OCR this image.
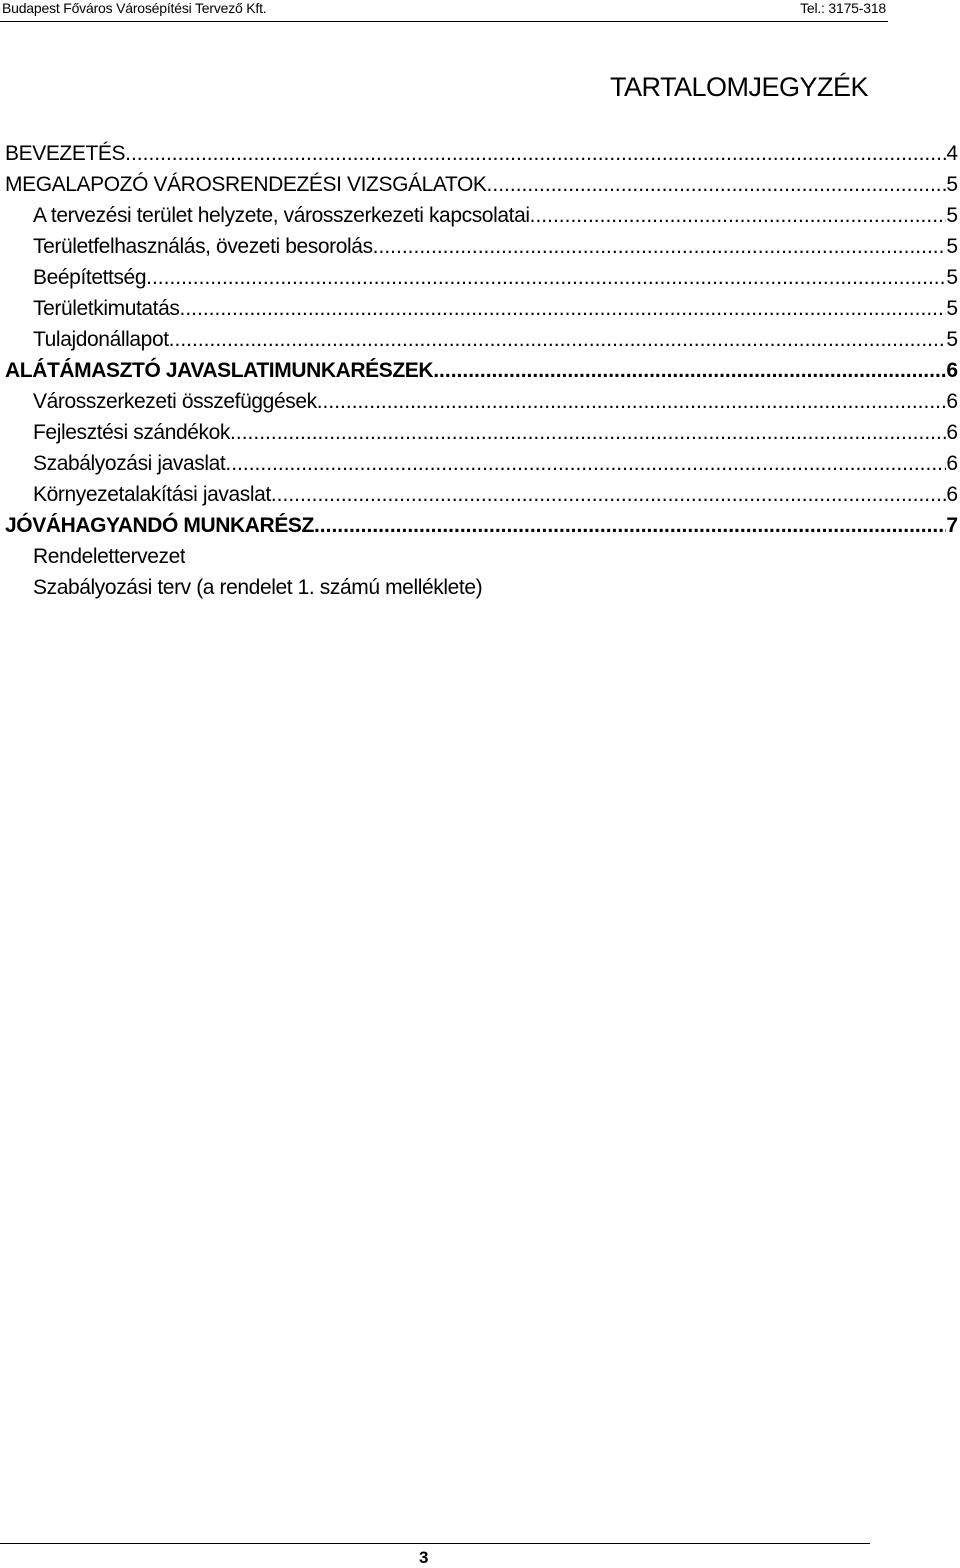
Budapest Főváros Városépítési Tervező Kft.	Tel.: 3175-318
TARTALOMJEGYZÉK
BEVEZETÉS .....	4
MEGALAPOZÓ VÁROSRENDEZÉSI VIZSGÁLATOK .....	5
A tervezési terület helyzete, városszerkezeti kapcsolatai .....	5
Területfelhasználás, övezeti besorolás .....	5
Beépítettség .....	5
Területkimutatás .....	5
Tulajdonállapot .....	5
ALÁTÁMASZTÓ JAVASLATIMUNKARÉSZEK .....	6
Városszerkezeti összefüggések .....	6
Fejlesztési szándékok .....	6
Szabályozási javaslat .....	6
Környezetalakítási javaslat .....	6
JÓVÁHAGYANDÓ MUNKARÉSZ .....	7
Rendelettervezet
Szabályozási terv (a rendelet 1. számú melléklete)
3
